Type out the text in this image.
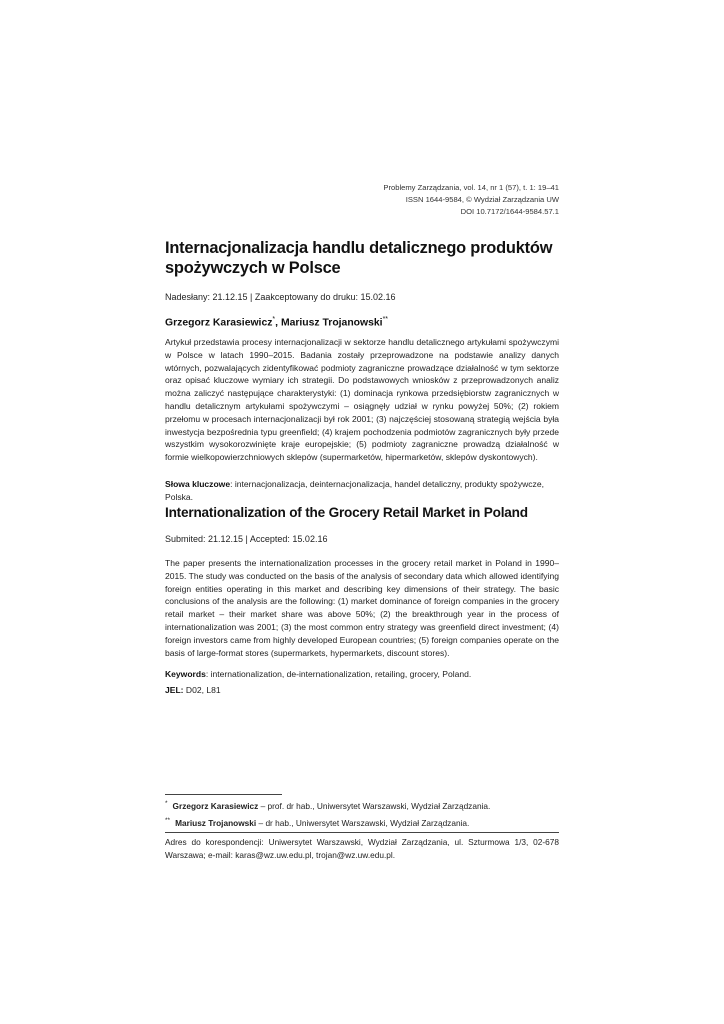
Problemy Zarządzania, vol. 14, nr 1 (57), t. 1: 19–41
ISSN 1644-9584, © Wydział Zarządzania UW
DOI 10.7172/1644-9584.57.1
Internacjonalizacja handlu detalicznego produktów
spożywczych w Polsce

Nadesłany: 21.12.15 | Zaakceptowany do druku: 15.02.16

Grzegorz Karasiewicz*, Mariusz Trojanowski**

Artykuł przedstawia procesy internacjonalizacji w sektorze handlu detalicznego artykułami spożywczymi w Polsce w latach 1990–2015. Badania zostały przeprowadzone na podstawie analizy danych wtórnych, pozwalających zidentyfikować podmioty zagraniczne prowadzące działalność w tym sektorze oraz opisać kluczowe wymiary ich strategii. Do podstawowych wniosków z przeprowadzonych analiz można zaliczyć następujące charakterystyki: (1) dominacja rynkowa przedsiębiorstw zagranicznych w handlu detalicznym artykułami spożywczymi – osiągnęły udział w rynku powyżej 50%; (2) rokiem przełomu w procesach internacjonalizacji był rok 2001; (3) najczęściej stosowaną strategią wejścia była inwestycja bezpośrednia typu greenfield; (4) krajem pochodzenia podmiotów zagranicznych były przede wszystkim wysokorozwinięte kraje europejskie; (5) podmioty zagraniczne prowadzą działalność w formie wielkopowierzchniowych sklepów (supermarketów, hipermarketów, sklepów dyskontowych).

Słowa kluczowe: internacjonalizacja, deinternacjonalizacja, handel detaliczny, produkty spożywcze, Polska.

Internationalization of the Grocery Retail Market in Poland

Submited: 21.12.15 | Accepted: 15.02.16

The paper presents the internationalization processes in the grocery retail market in Poland in 1990–2015. The study was conducted on the basis of the analysis of secondary data which allowed identifying foreign entities operating in this market and describing key dimensions of their strategy. The basic conclusions of the analysis are the following: (1) market dominance of foreign companies in the grocery retail market – their market share was above 50%; (2) the breakthrough year in the process of internationalization was 2001; (3) the most common entry strategy was greenfield direct investment; (4) foreign investors came from highly developed European countries; (5) foreign companies operate on the basis of large-format stores (supermarkets, hypermarkets, discount stores).

Keywords: internationalization, de-internationalization, retailing, grocery, Poland.

JEL: D02, L81

* Grzegorz Karasiewicz – prof. dr hab., Uniwersytet Warszawski, Wydział Zarządzania.

** Mariusz Trojanowski – dr hab., Uniwersytet Warszawski, Wydział Zarządzania.

Adres do korespondencji: Uniwersytet Warszawski, Wydział Zarządzania, ul. Szturmowa 1/3, 02-678 Warszawa; e-mail: karas@wz.uw.edu.pl, trojan@wz.uw.edu.pl.
